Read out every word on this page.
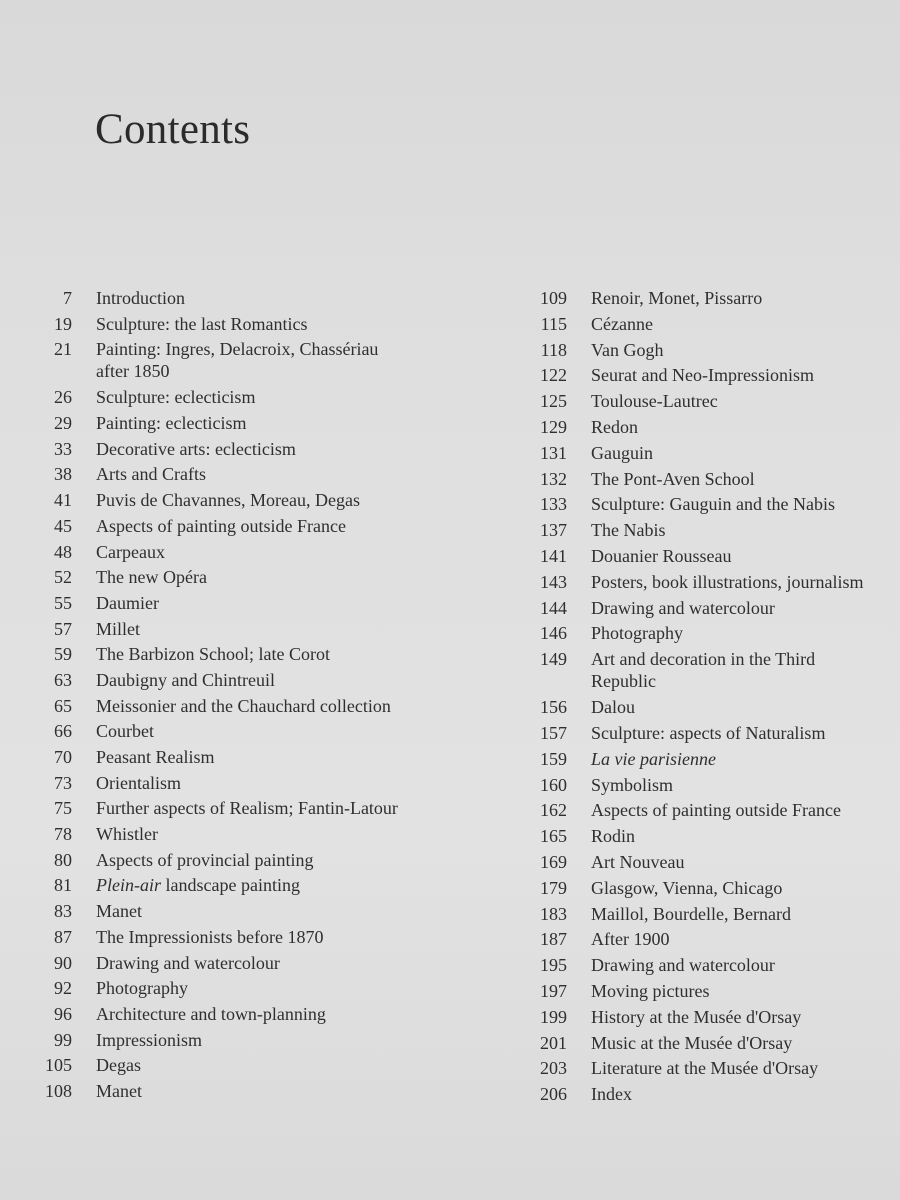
Contents
7 Introduction
19 Sculpture: the last Romantics
21 Painting: Ingres, Delacroix, Chassériau after 1850
26 Sculpture: eclecticism
29 Painting: eclecticism
33 Decorative arts: eclecticism
38 Arts and Crafts
41 Puvis de Chavannes, Moreau, Degas
45 Aspects of painting outside France
48 Carpeaux
52 The new Opéra
55 Daumier
57 Millet
59 The Barbizon School; late Corot
63 Daubigny and Chintreuil
65 Meissonier and the Chauchard collection
66 Courbet
70 Peasant Realism
73 Orientalism
75 Further aspects of Realism; Fantin-Latour
78 Whistler
80 Aspects of provincial painting
81 Plein-air landscape painting
83 Manet
87 The Impressionists before 1870
90 Drawing and watercolour
92 Photography
96 Architecture and town-planning
99 Impressionism
105 Degas
108 Manet
109 Renoir, Monet, Pissarro
115 Cézanne
118 Van Gogh
122 Seurat and Neo-Impressionism
125 Toulouse-Lautrec
129 Redon
131 Gauguin
132 The Pont-Aven School
133 Sculpture: Gauguin and the Nabis
137 The Nabis
141 Douanier Rousseau
143 Posters, book illustrations, journalism
144 Drawing and watercolour
146 Photography
149 Art and decoration in the Third Republic
156 Dalou
157 Sculpture: aspects of Naturalism
159 La vie parisienne
160 Symbolism
162 Aspects of painting outside France
165 Rodin
169 Art Nouveau
179 Glasgow, Vienna, Chicago
183 Maillol, Bourdelle, Bernard
187 After 1900
195 Drawing and watercolour
197 Moving pictures
199 History at the Musée d'Orsay
201 Music at the Musée d'Orsay
203 Literature at the Musée d'Orsay
206 Index
